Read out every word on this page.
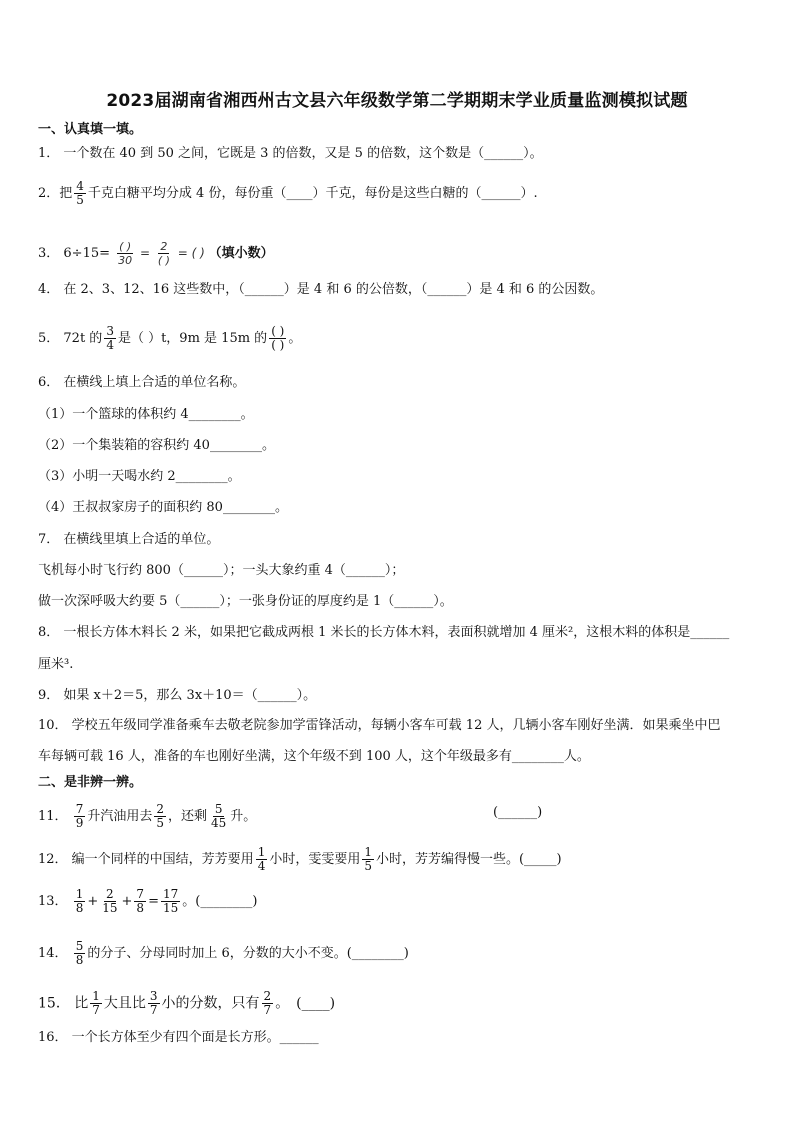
2023届湖南省湘西州古文县六年级数学第二学期期末学业质量监测模拟试题
一、认真填一填。
1． 一个数在 40 到 50 之间，它既是 3 的倍数，又是 5 的倍数，这个数是（______）。
2．把 $\frac{4}{5}$ 千克白糖平均分成 4 份，每份重（____）千克，每份是这些白糖的（______）.
3． $6\div 15= \frac{( )}{30} = \frac{2}{( )}$ = ( ) （填小数）
4． 在 2、3、12、16 这些数中，（______）是 4 和 6 的公倍数，（______）是 4 和 6 的公因数。
5． 72t 的 $\frac{3}{4}$ 是（ ）t，9m 是 15m 的 $\frac{( )}{( )}$ 。
6． 在横线上填上合适的单位名称。
（1）一个篮球的体积约 4________。
（2）一个集装箱的容积约 40________。
（3）小明一天喝水约 2________。
（4）王叔叔家房子的面积约 80________。
7． 在横线里填上合适的单位。
飞机每小时飞行约 800（______）；一头大象约重 4（______）；
做一次深呼吸大约要 5（______）；一张身份证的厚度约是 1（______）。
8． 一根长方体木料长 2 米，如果把它截成两根 1 米长的长方体木料，表面积就增加 4 厘米²，这根木料的体积是______
厘米³.
9． 如果 x＋2＝5，那么 3x＋10＝（______）。
10． 学校五年级同学准备乘车去敬老院参加学雷锋活动，每辆小客车可载 12 人，几辆小客车刚好坐满．如果乘坐中巴
车每辆可载 16 人，准备的车也刚好坐满，这个年级不到 100 人，这个年级最多有________人。
二、是非辨一辨。
11． $\frac{7}{9}$ 升汽油用去 $\frac{2}{5}$ ，还剩 $\frac{5}{45}$ 升。	(______)
12． 编一个同样的中国结，芳芳要用 $\frac{1}{4}$ 小时，雯雯要用 $\frac{1}{5}$ 小时，芳芳编得慢一些。(_____)
13． $\frac{1}{8} + \frac{2}{15} + \frac{7}{8} = \frac{17}{15}$ 。(________)
14． $\frac{5}{8}$ 的分子、分母同时加上 6，分数的大小不变。(________)
15． 比 $\frac{1}{7}$ 大且比 $\frac{3}{7}$ 小的分数，只有 $\frac{2}{7}$ 。　(____)
16． 一个长方体至少有四个面是长方形。______
